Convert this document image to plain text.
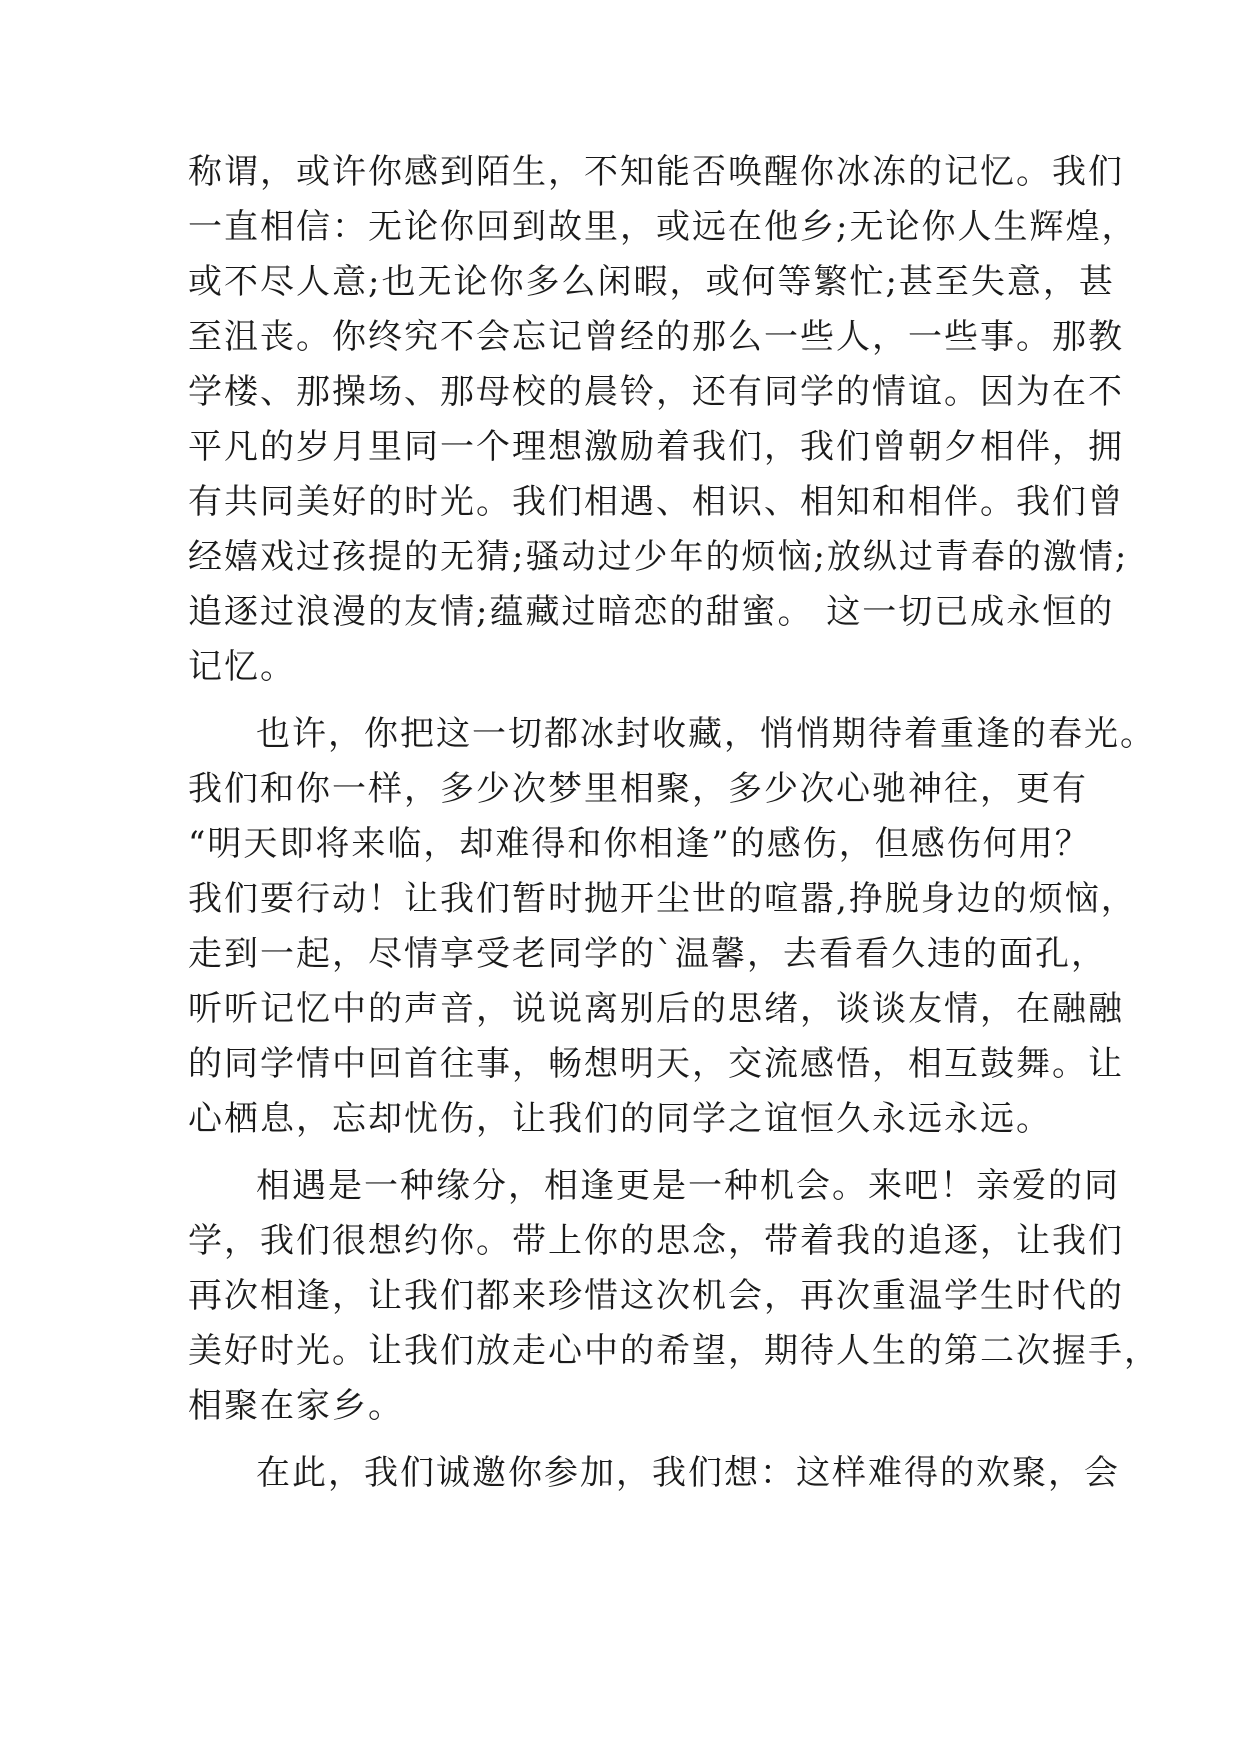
称谓，或许你感到陌生，不知能否唤醒你冰冻的记忆。我们
一直相信：无论你回到故里，或远在他乡;无论你人生辉煌，
或不尽人意;也无论你多么闲暇，或何等繁忙;甚至失意，甚
至沮丧。你终究不会忘记曾经的那么一些人，一些事。那教
学楼、那操场、那母校的晨铃，还有同学的情谊。因为在不
平凡的岁月里同一个理想激励着我们，我们曾朝夕相伴，拥
有共同美好的时光。我们相遇、相识、相知和相伴。我们曾
经嬉戏过孩提的无猜;骚动过少年的烦恼;放纵过青春的激情;
追逐过浪漫的友情;蕴藏过暗恋的甜蜜。 这一切已成永恒的
记忆。
也许，你把这一切都冰封收藏，悄悄期待着重逢的春光。
我们和你一样，多少次梦里相聚，多少次心驰神往，更有
“明天即将来临，却难得和你相逢”的感伤，但感伤何用？
我们要行动！让我们暂时抛开尘世的喧嚣,挣脱身边的烦恼，
走到一起，尽情享受老同学的`温馨，去看看久违的面孔，
听听记忆中的声音，说说离别后的思绪，谈谈友情，在融融
的同学情中回首往事，畅想明天，交流感悟，相互鼓舞。让
心栖息，忘却忧伤，让我们的同学之谊恒久永远永远。
相遇是一种缘分，相逢更是一种机会。来吧！亲爱的同
学，我们很想约你。带上你的思念，带着我的追逐，让我们
再次相逢，让我们都来珍惜这次机会，再次重温学生时代的
美好时光。让我们放走心中的希望，期待人生的第二次握手，
相聚在家乡。
在此，我们诚邀你参加，我们想：这样难得的欢聚，会
